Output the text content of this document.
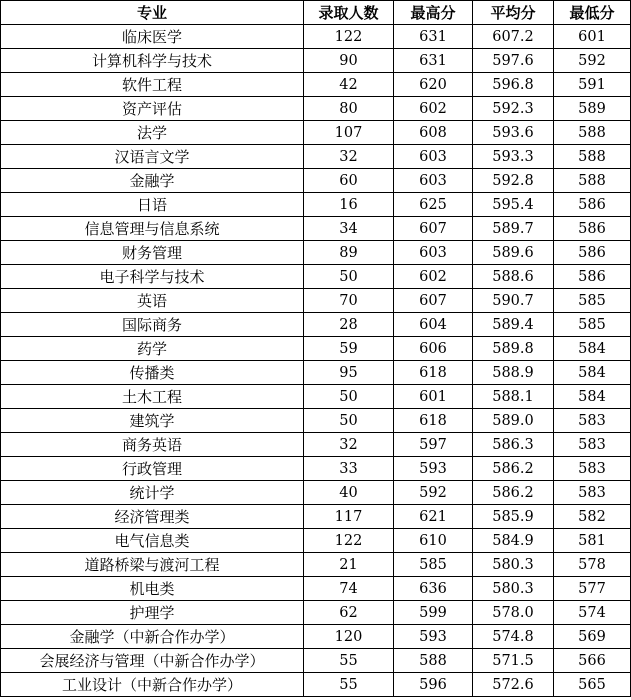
专业	录取人数	最高分	平均分	最低分
临床医学	122	631	607.2	601
计算机科学与技术	90	631	597.6	592
软件工程	42	620	596.8	591
资产评估	80	602	592.3	589
法学	107	608	593.6	588
汉语言文学	32	603	593.3	588
金融学	60	603	592.8	588
日语	16	625	595.4	586
信息管理与信息系统	34	607	589.7	586
财务管理	89	603	589.6	586
电子科学与技术	50	602	588.6	586
英语	70	607	590.7	585
国际商务	28	604	589.4	585
药学	59	606	589.8	584
传播类	95	618	588.9	584
土木工程	50	601	588.1	584
建筑学	50	618	589.0	583
商务英语	32	597	586.3	583
行政管理	33	593	586.2	583
统计学	40	592	586.2	583
经济管理类	117	621	585.9	582
电气信息类	122	610	584.9	581
道路桥梁与渡河工程	21	585	580.3	578
机电类	74	636	580.3	577
护理学	62	599	578.0	574
金融学（中新合作办学）	120	593	574.8	569
会展经济与管理（中新合作办学）	55	588	571.5	566
工业设计（中新合作办学）	55	596	572.6	565
